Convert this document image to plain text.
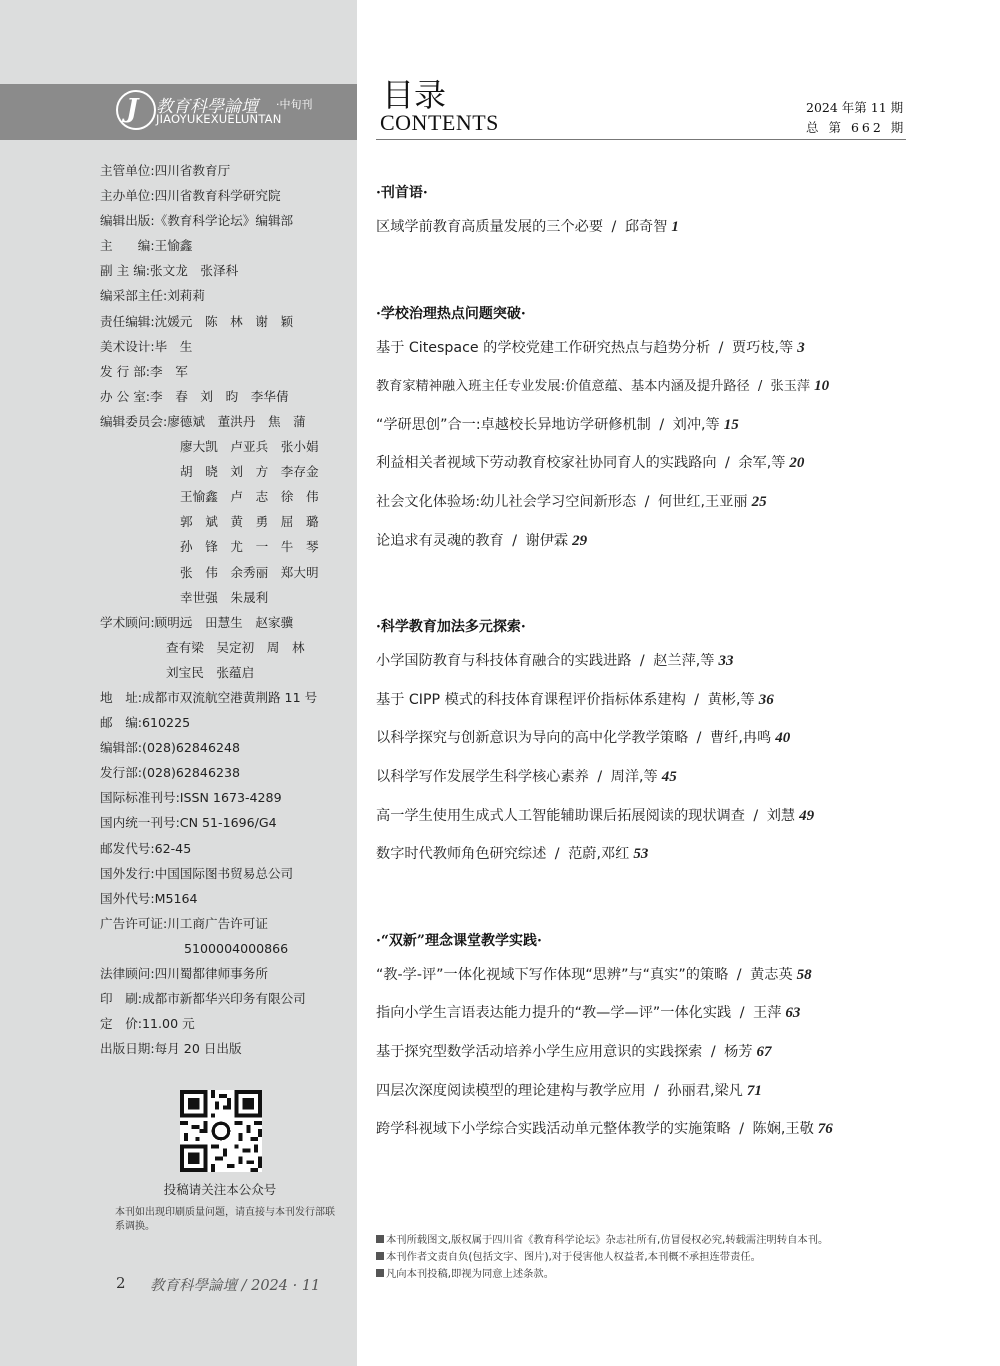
J 教育科學論壇 ·中旬刊
JIAOYUKEXUELUNTAN
主管单位:四川省教育厅
主办单位:四川省教育科学研究院
编辑出版:《教育科学论坛》编辑部
主　　编:王愉鑫
副 主 编:张文龙　张泽科
编采部主任:刘莉莉
责任编辑:沈媛元　陈　林　谢　颖
美术设计:毕　生
发 行 部:李　军
办 公 室:李　春　刘　昀　李华倩
编辑委员会:廖德斌　董洪丹　焦　蒲
廖大凯　卢亚兵　张小娟
胡　晓　刘　方　李存金
王愉鑫　卢　志　徐　伟
郭　斌　黄　勇　屈　璐
孙　锋　尤　一　牛　琴
张　伟　余秀丽　郑大明
幸世强　朱晟利
学术顾问:顾明远　田慧生　赵家骥
查有梁　吴定初　周　林
刘宝民　张蕴启
地　址:成都市双流航空港黄荆路 11 号
邮　编:610225
编辑部:(028)62846248
发行部:(028)62846238
国际标准刊号:ISSN 1673-4289
国内统一刊号:CN 51-1696/G4
邮发代号:62-45
国外发行:中国国际图书贸易总公司
国外代号:M5164
广告许可证:川工商广告许可证
5100004000866
法律顾问:四川蜀都律师事务所
印　刷:成都市新都华兴印务有限公司
定　价:11.00 元
出版日期:每月 20 日出版
投稿请关注本公众号
本刊如出现印刷质量问题，请直接与本刊发行部联系调换。
2 教育科學論壇 / 2024 · 11
目录
CONTENTS
2024 年第 11 期
总 第 662 期
·刊首语·
区域学前教育高质量发展的三个必要 / 邱奇智 1
·学校治理热点问题突破·
基于 Citespace 的学校党建工作研究热点与趋势分析 / 贾巧枝,等 3
教育家精神融入班主任专业发展:价值意蕴、基本内涵及提升路径 / 张玉萍 10
“学研思创”合一:卓越校长异地访学研修机制 / 刘冲,等 15
利益相关者视域下劳动教育校家社协同育人的实践路向 / 余军,等 20
社会文化体验场:幼儿社会学习空间新形态 / 何世红,王亚丽 25
论追求有灵魂的教育 / 谢伊霖 29
·科学教育加法多元探索·
小学国防教育与科技体育融合的实践进路 / 赵兰萍,等 33
基于 CIPP 模式的科技体育课程评价指标体系建构 / 黄彬,等 36
以科学探究与创新意识为导向的高中化学教学策略 / 曹纤,冉鸣 40
以科学写作发展学生科学核心素养 / 周洋,等 45
高一学生使用生成式人工智能辅助课后拓展阅读的现状调查 / 刘慧 49
数字时代教师角色研究综述 / 范蔚,邓红 53
·“双新”理念课堂教学实践·
“教-学-评”一体化视域下写作体现“思辨”与“真实”的策略 / 黄志英 58
指向小学生言语表达能力提升的“教—学—评”一体化实践 / 王萍 63
基于探究型数学活动培养小学生应用意识的实践探索 / 杨芳 67
四层次深度阅读模型的理论建构与教学应用 / 孙丽君,梁凡 71
跨学科视域下小学综合实践活动单元整体教学的实施策略 / 陈娴,王敬 76
本刊所载图文,版权属于四川省《教育科学论坛》杂志社所有,仿冒侵权必究,转载需注明转自本刊。
本刊作者文责自负(包括文字、图片),对于侵害他人权益者,本刊概不承担连带责任。
凡向本刊投稿,即视为同意上述条款。
